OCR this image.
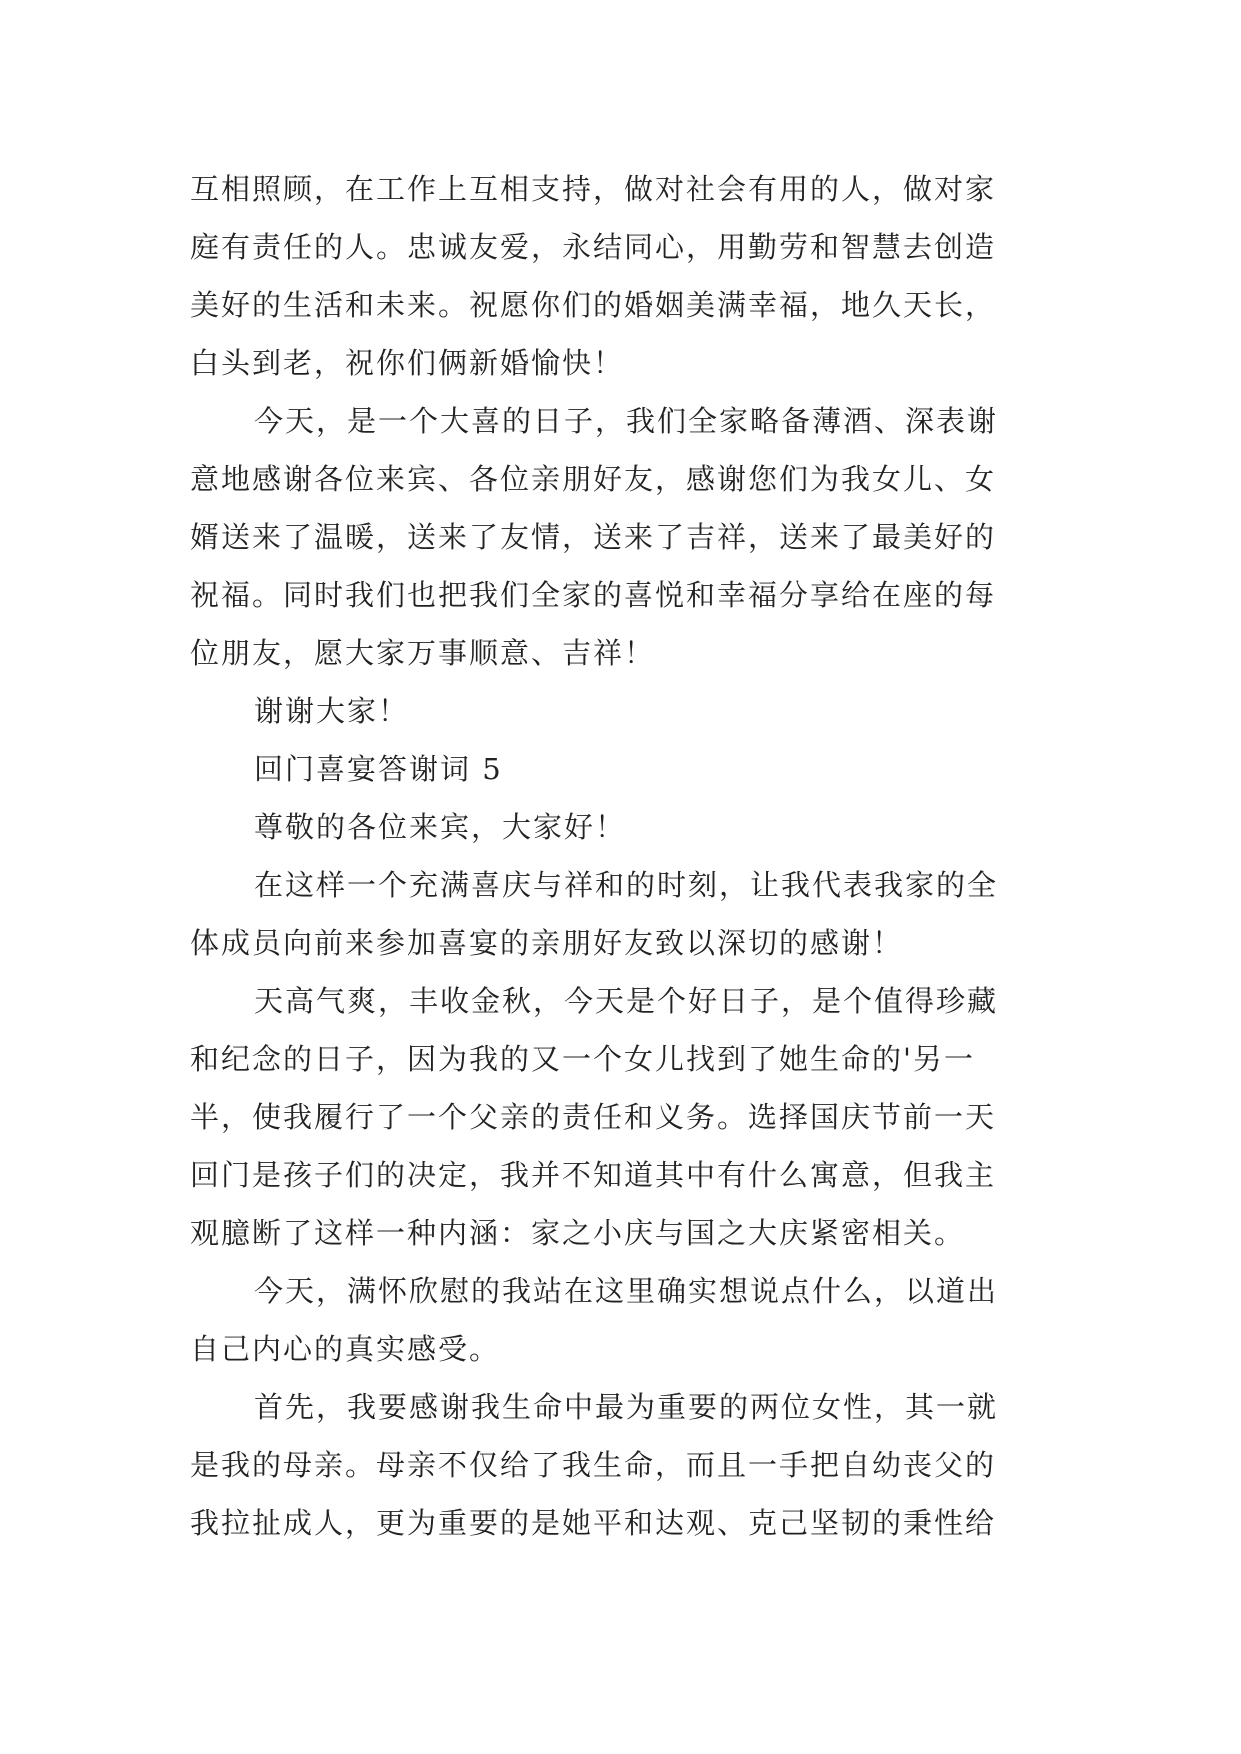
互相照顾，在工作上互相支持，做对社会有用的人，做对家
庭有责任的人。忠诚友爱，永结同心，用勤劳和智慧去创造
美好的生活和未来。祝愿你们的婚姻美满幸福，地久天长，
白头到老，祝你们俩新婚愉快！
今天，是一个大喜的日子，我们全家略备薄酒、深表谢
意地感谢各位来宾、各位亲朋好友，感谢您们为我女儿、女
婿送来了温暖，送来了友情，送来了吉祥，送来了最美好的
祝福。同时我们也把我们全家的喜悦和幸福分享给在座的每
位朋友，愿大家万事顺意、吉祥！
谢谢大家！
回门喜宴答谢词 5
尊敬的各位来宾，大家好！
在这样一个充满喜庆与祥和的时刻，让我代表我家的全
体成员向前来参加喜宴的亲朋好友致以深切的感谢！
天高气爽，丰收金秋，今天是个好日子，是个值得珍藏
和纪念的日子，因为我的又一个女儿找到了她生命的'另一
半，使我履行了一个父亲的责任和义务。选择国庆节前一天
回门是孩子们的决定，我并不知道其中有什么寓意，但我主
观臆断了这样一种内涵：家之小庆与国之大庆紧密相关。
今天，满怀欣慰的我站在这里确实想说点什么，以道出
自己内心的真实感受。
首先，我要感谢我生命中最为重要的两位女性，其一就
是我的母亲。母亲不仅给了我生命，而且一手把自幼丧父的
我拉扯成人，更为重要的是她平和达观、克己坚韧的秉性给
